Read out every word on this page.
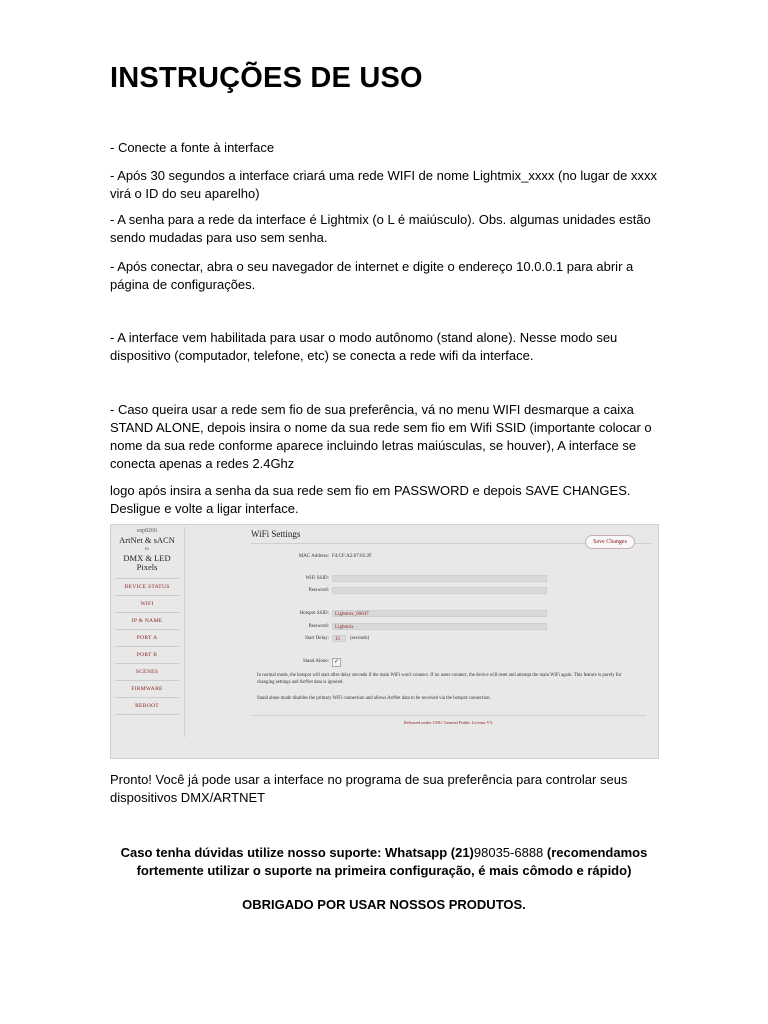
INSTRUÇÕES DE USO

- Conecte a fonte à interface

- Após 30 segundos a interface criará uma rede WIFI de nome Lightmix_xxxx (no lugar de xxxx virá o ID do seu aparelho)

- A senha para a rede da interface é Lightmix (o L é maiúsculo). Obs. algumas unidades estão sendo mudadas para uso sem senha.

- Após conectar, abra o seu navegador de internet e digite o endereço 10.0.0.1 para abrir a página de configurações.

- A interface vem habilitada para usar o modo autônomo (stand alone). Nesse modo seu dispositivo (computador, telefone, etc) se conecta a rede wifi da interface.

- Caso queira usar a rede sem fio de sua preferência, vá no menu WIFI desmarque a caixa STAND ALONE, depois insira o nome da sua rede sem fio em Wifi SSID (importante colocar o nome da sua rede conforme aparece incluindo letras maiúsculas, se houver), A interface se conecta apenas a redes 2.4Ghz

logo após insira a senha da sua rede sem fio em PASSWORD e depois SAVE CHANGES. Desligue e volte a ligar interface.

esp8266
ArtNet & sACN
to
DMX & LED Pixels
DEVICE STATUS
WIFI
IP & NAME
PORT A
PORT B
SCENES
FIRMWARE
REBOOT
WiFi Settings
Save Changes
MAC Address: F4:CF:A2:67:05:2F
WiFi SSID:
Password:
Hotspot SSID:	Lightmix_00047
Password:	Lightmix
Start Delay:	15	(seconds)
Stand Alone: ✓
In normal mode, the hotspot will start after delay seconds if the main WiFi won't connect. If no users connect, the device will reset and attempt the main WiFi again. This feature is purely for changing settings and ArtNet data is ignored.
Stand alone mode disables the primary WiFi connection and allows ArtNet data to be received via the hotspot connection.
Released under GNU General Public License V3.

Pronto! Você já pode usar a interface no programa de sua preferência para controlar seus dispositivos DMX/ARTNET

Caso tenha dúvidas utilize nosso suporte: Whatsapp (21)98035-6888 (recomendamos fortemente utilizar o suporte na primeira configuração, é mais cômodo e rápido)

OBRIGADO POR USAR NOSSOS PRODUTOS.
